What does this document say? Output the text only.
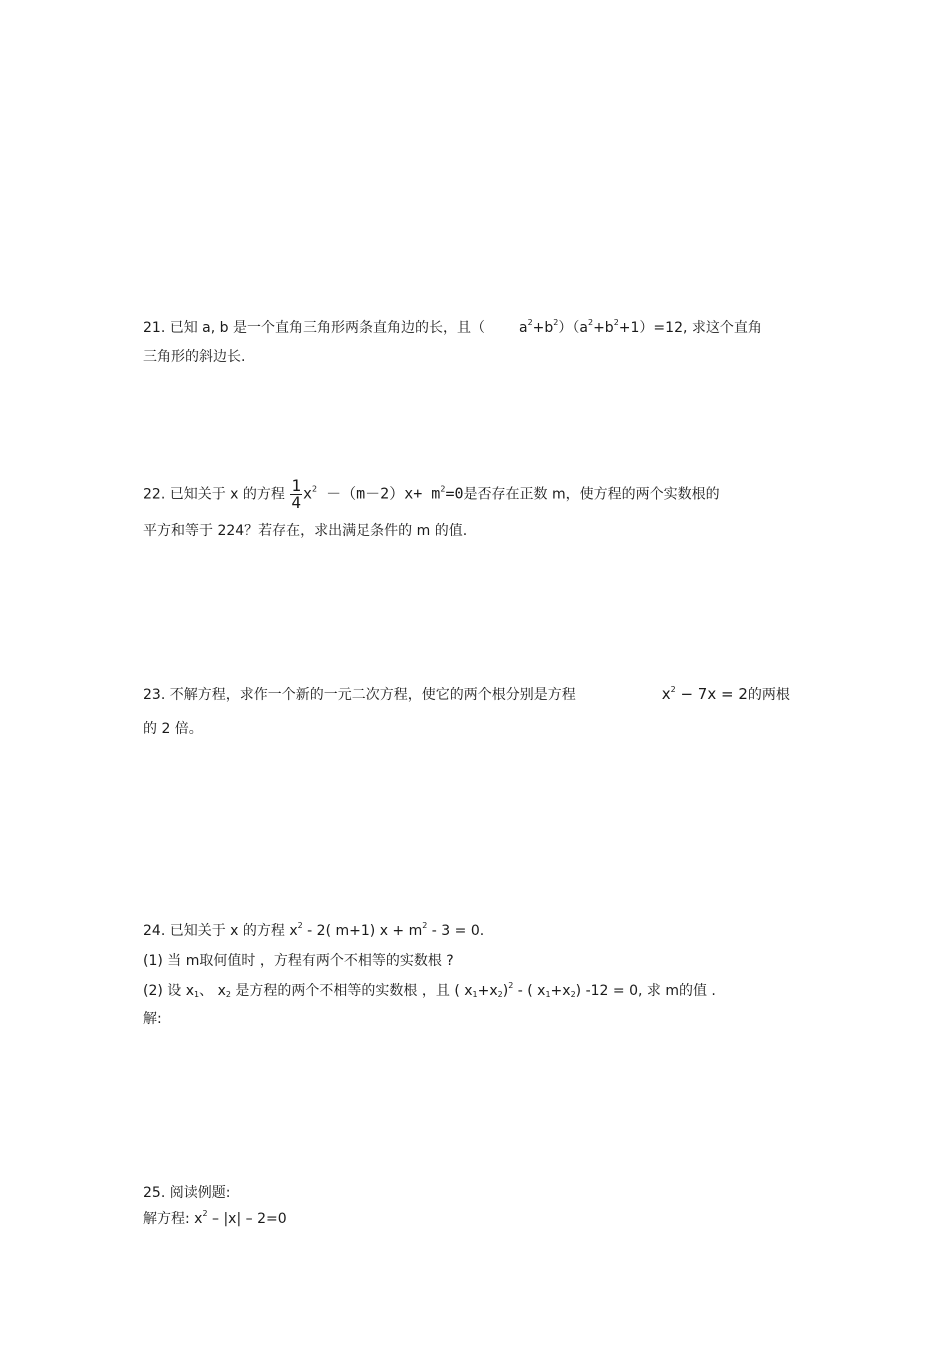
21. 已知 a, b 是一个直角三角形两条直角边的长，且（ $a^2+b^2)(a^2+b^2+1)=12$, 求这个直角
三角形的斜边长.
22. 已知关于 x 的方程 $\frac{1}{4} x^2 -(m-2)x+ m^2=0$是否存在正数 m，使方程的两个实数根的
平方和等于 224？若存在，求出满足条件的 m 的值.
23. 不解方程，求作一个新的一元二次方程，使它的两个根分别是方程	$x^2 - 7x = 2$的两根
的 2 倍。
24. 已知关于 x 的方程 $x^2 - 2$( m+1) $x + m^2 - 3 = 0$.
(1) 当 m取何值时 ，方程有两个不相等的实数根 ?
(2) 设 $x_1$、 $x_2$ 是方程的两个不相等的实数根 ，且 ( $x_1+x_2)^2$ - ( $x_1+x_2$) -12 = 0, 求 m的值 .
解:
25. 阅读例题:
解方程: $x^2 - |x| - 2=0$
